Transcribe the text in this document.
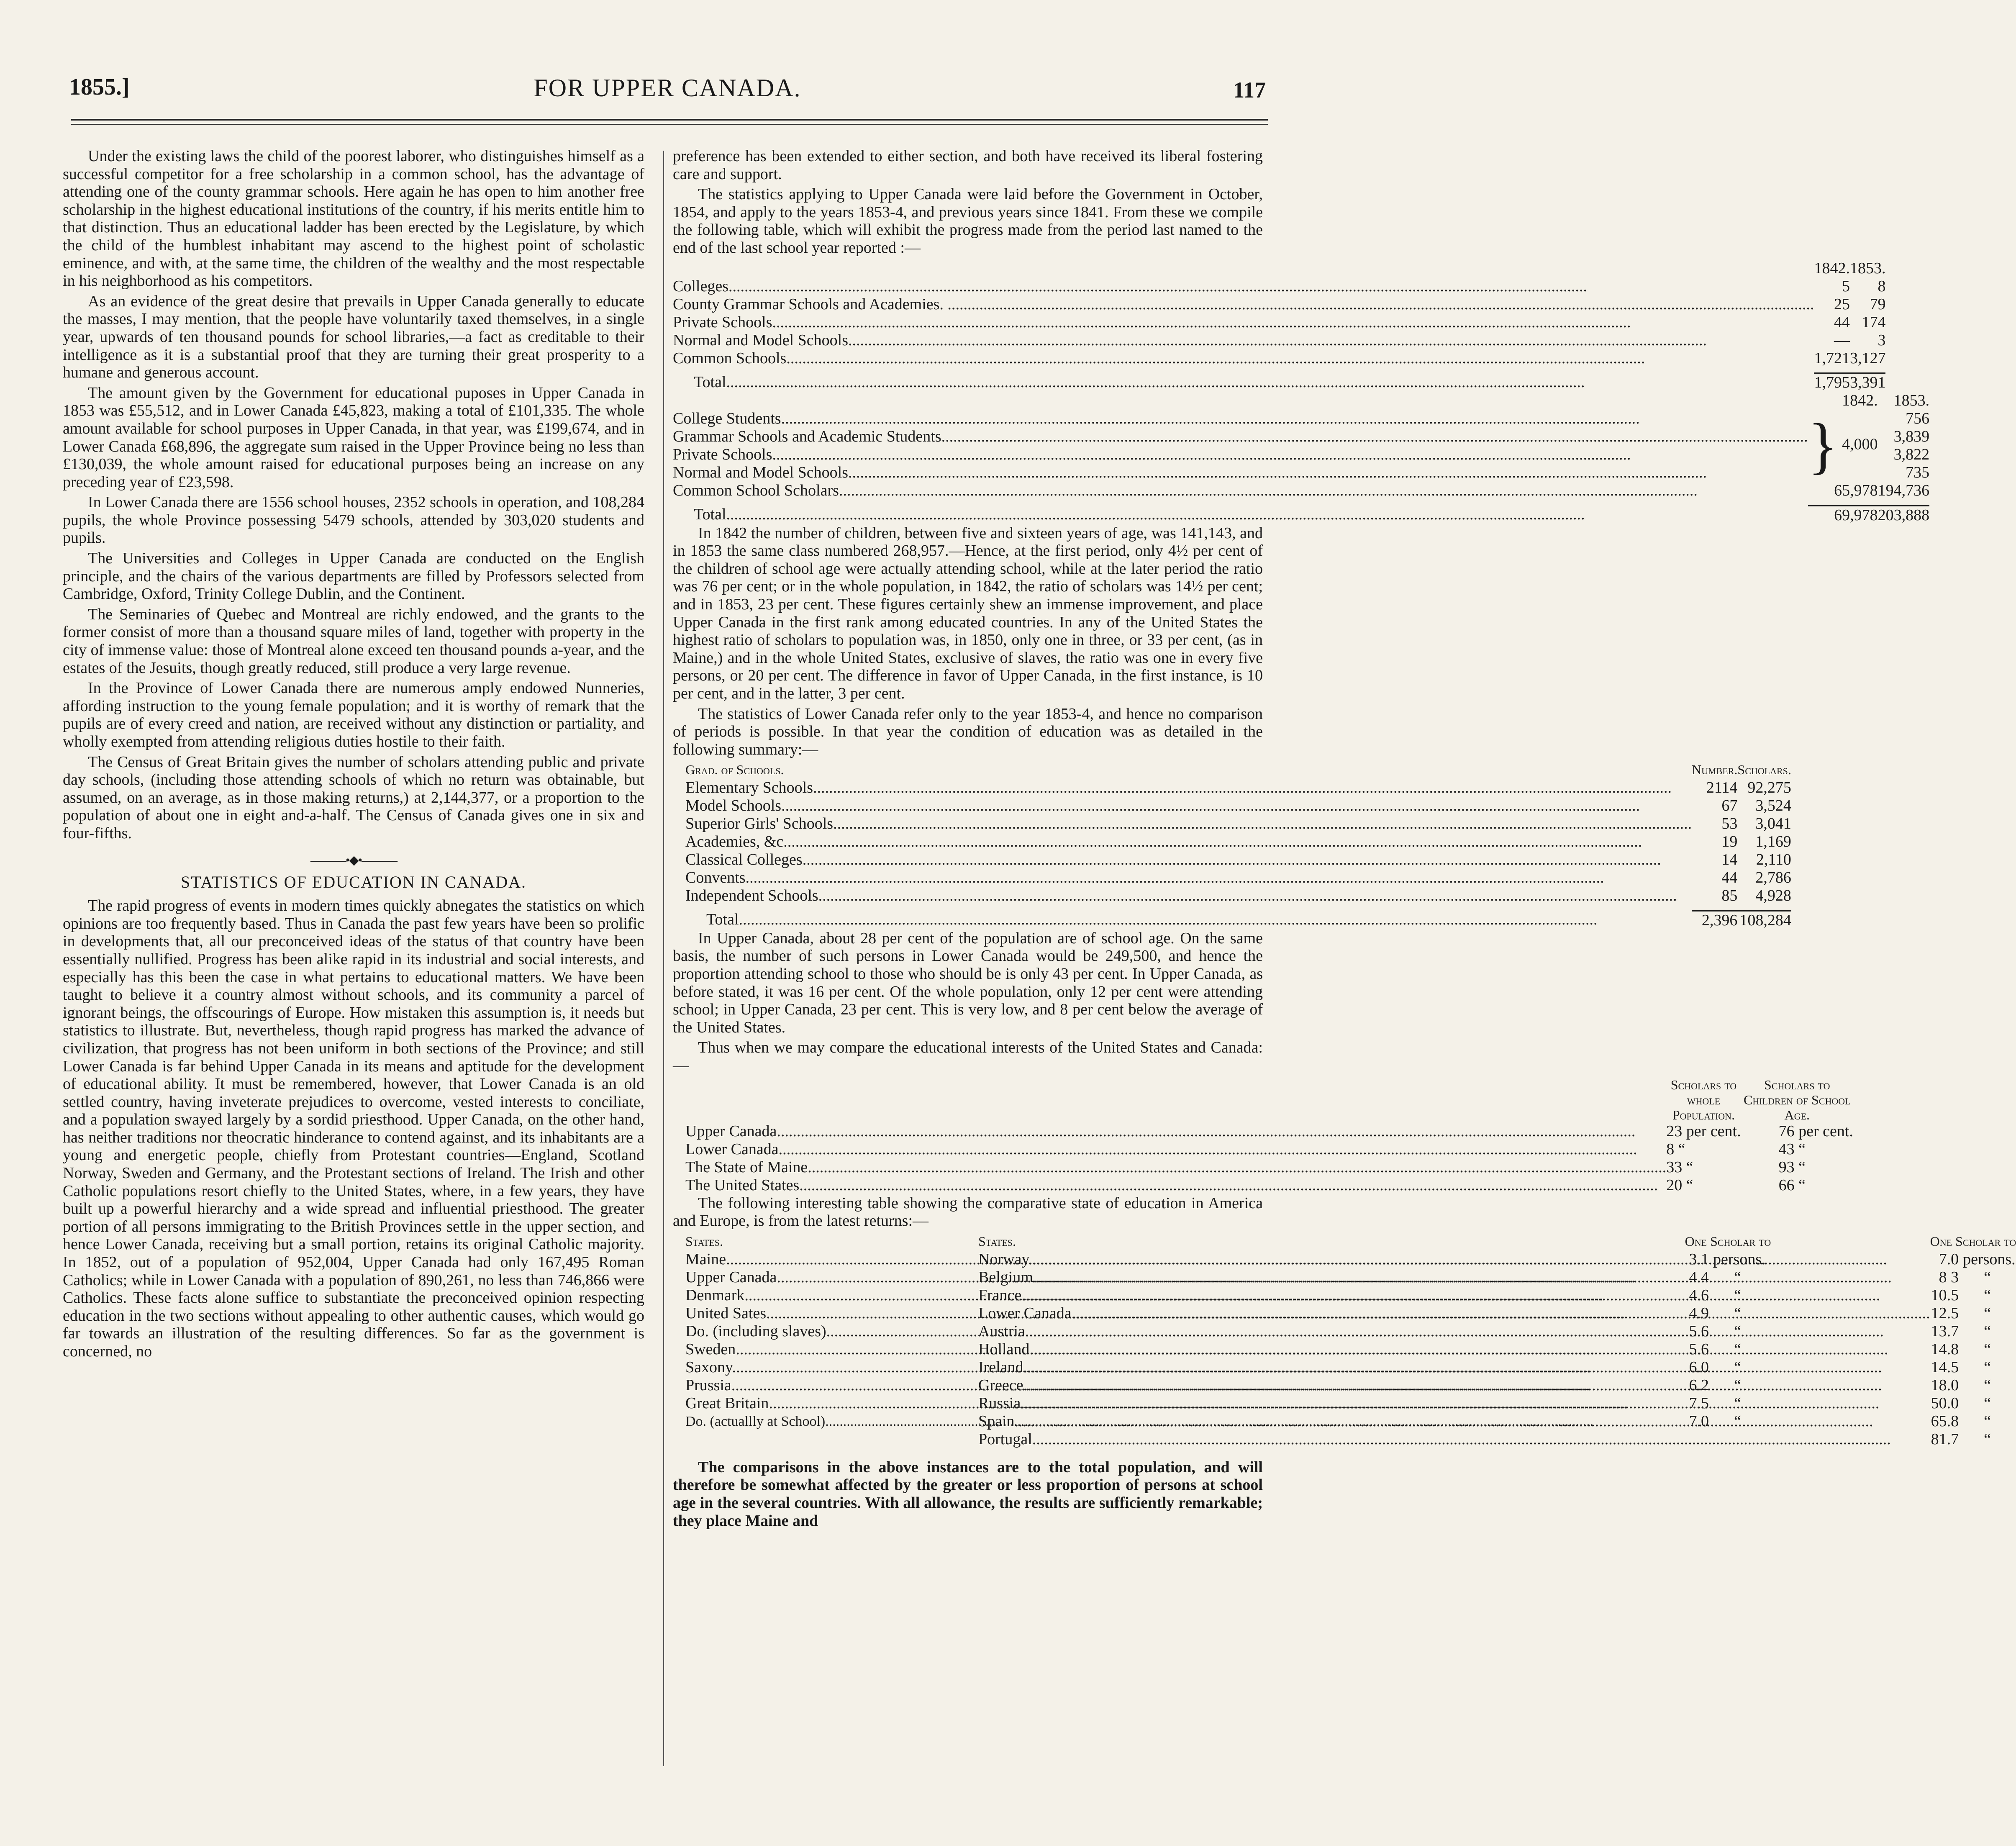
1855.]	FOR UPPER CANADA.	117

Under the existing laws the child of the poorest laborer, who distinguishes himself as a successful competitor for a free scholarship in a common school, has the advantage of attending one of the county grammar schools. Here again he has open to him another free scholarship in the highest educational institutions of the country, if his merits entitle him to that distinction. Thus an educational ladder has been erected by the Legislature, by which the child of the humblest inhabitant may ascend to the highest point of scholastic eminence, and with, at the same time, the children of the wealthy and the most respectable in his neighborhood as his competitors.

As an evidence of the great desire that prevails in Upper Canada generally to educate the masses, I may mention, that the people have voluntarily taxed themselves, in a single year, upwards of ten thousand pounds for school libraries,—a fact as creditable to their intelligence as it is a substantial proof that they are turning their great prosperity to a humane and generous account.

The amount given by the Government for educational puposes in Upper Canada in 1853 was £55,512, and in Lower Canada £45,823, making a total of £101,335. The whole amount available for school purposes in Upper Canada, in that year, was £199,674, and in Lower Canada £68,896, the aggregate sum raised in the Upper Province being no less than £130,039, the whole amount raised for educational purposes being an increase on any preceding year of £23,598.

In Lower Canada there are 1556 school houses, 2352 schools in operation, and 108,284 pupils, the whole Province possessing 5479 schools, attended by 303,020 students and pupils.

The Universities and Colleges in Upper Canada are conducted on the English principle, and the chairs of the various departments are filled by Professors selected from Cambridge, Oxford, Trinity College Dublin, and the Continent.

The Seminaries of Quebec and Montreal are richly endowed, and the grants to the former consist of more than a thousand square miles of land, together with property in the city of immense value: those of Montreal alone exceed ten thousand pounds a-year, and the estates of the Jesuits, though greatly reduced, still produce a very large revenue.

In the Province of Lower Canada there are numerous amply endowed Nunneries, affording instruction to the young female population; and it is worthy of remark that the pupils are of every creed and nation, are received without any distinction or partiality, and wholly exempted from attending religious duties hostile to their faith.

The Census of Great Britain gives the number of scholars attending public and private day schools, (including those attending schools of which no return was obtainable, but assumed, on an average, as in those making returns,) at 2,144,377, or a proportion to the population of about one in eight and-a-half. The Census of Canada gives one in six and four-fifths.

———•◆•———
STATISTICS OF EDUCATION IN CANADA.

The rapid progress of events in modern times quickly abnegates the statistics on which opinions are too frequently based. Thus in Canada the past few years have been so prolific in developments that, all our preconceived ideas of the status of that country have been essentially nullified. Progress has been alike rapid in its industrial and social interests, and especially has this been the case in what pertains to educational matters. We have been taught to believe it a country almost without schools, and its community a parcel of ignorant beings, the offscourings of Europe. How mistaken this assumption is, it needs but statistics to illustrate. But, nevertheless, though rapid progress has marked the advance of civilization, that progress has not been uniform in both sections of the Province; and still Lower Canada is far behind Upper Canada in its means and aptitude for the development of educational ability. It must be remembered, however, that Lower Canada is an old settled country, having inveterate prejudices to overcome, vested interests to conciliate, and a population swayed largely by a sordid priesthood. Upper Canada, on the other hand, has neither traditions nor theocratic hinderance to contend against, and its inhabitants are a young and energetic people, chiefly from Protestant countries—England, Scotland Norway, Sweden and Germany, and the Protestant sections of Ireland. The Irish and other Catholic populations resort chiefly to the United States, where, in a few years, they have built up a powerful hierarchy and a wide spread and influential priesthood. The greater portion of all persons immigrating to the British Provinces settle in the upper section, and hence Lower Canada, receiving but a small portion, retains its original Catholic majority. In 1852, out of a population of 952,004, Upper Canada had only 167,495 Roman Catholics; while in Lower Canada with a population of 890,261, no less than 746,866 were Catholics. These facts alone suffice to substantiate the preconceived opinion respecting education in the two sections without appealing to other authentic causes, which would go far towards an illustration of the resulting differences. So far as the government is concerned, no

preference has been extended to either section, and both have received its liberal fostering care and support.

The statistics applying to Upper Canada were laid before the Government in October, 1854, and apply to the years 1853-4, and previous years since 1841. From these we compile the following table, which will exhibit the progress made from the period last named to the end of the last school year reported :—

	1842.	1853.
Colleges .....	5	8
County Grammar Schools and Academies. .. .....	25	79
Private Schools .....	44	174
Normal and Model Schools .....	—	3
Common Schools .....	1,721	3,127

Total .....	1,795	3,391
	1842.	1853.
College Students .....	} 4,000	756
Grammar Schools and Academic Students.. .....		3,839
Private Schools .....		3,822
Normal and Model Schools .....		735
Common School Scholars .....	65,978	194,736

Total .....	69,978	203,888

In 1842 the number of children, between five and sixteen years of age, was 141,143, and in 1853 the same class numbered 268,957.—Hence, at the first period, only 4½ per cent of the children of school age were actually attending school, while at the later period the ratio was 76 per cent; or in the whole population, in 1842, the ratio of scholars was 14½ per cent; and in 1853, 23 per cent. These figures certainly shew an immense improvement, and place Upper Canada in the first rank among educated countries. In any of the United States the highest ratio of scholars to population was, in 1850, only one in three, or 33 per cent, (as in Maine,) and in the whole United States, exclusive of slaves, the ratio was one in every five persons, or 20 per cent. The difference in favor of Upper Canada, in the first instance, is 10 per cent, and in the latter, 3 per cent.

The statistics of Lower Canada refer only to the year 1853-4, and hence no comparison of periods is possible. In that year the condition of education was as detailed in the following summary:—

Grad. of Schools.	Number.	Scholars.
Elementary Schools .....	2114	92,275
Model Schools .....	67	3,524
Superior Girls' Schools .....	53	3,041
Academies, &c .....	19	1,169
Classical Colleges .....	14	2,110
Convents .....	44	2,786
Independent Schools .....	85	4,928

Total .....	2,396	108,284

In Upper Canada, about 28 per cent of the population are of school age. On the same basis, the number of such persons in Lower Canada would be 249,500, and hence the proportion attending school to those who should be is only 43 per cent. In Upper Canada, as before stated, it was 16 per cent. Of the whole population, only 12 per cent were attending school; in Upper Canada, 23 per cent. This is very low, and 8 per cent below the average of the United States.

Thus when we may compare the educational interests of the United States and Canada:—

	Scholars to whole Population.	Scholars to Children of School Age.
Upper Canada .....	23 per cent.	76 per cent.
Lower Canada .....	8 “	43 “
The State of Maine .....	33 “	93 “
The United States .....	20 “	66 “

The following interesting table showing the comparative state of education in America and Europe, is from the latest returns:—

States.	One Scholar to	
Maine .....	3.1	persons.
Upper Canada .....	4.4	“
Denmark .....	4.6	“
United Sates .....	4.9	“
Do. (including slaves) .....	5.6	“
Sweden .....	5.6	“
Saxony .....	6.0	“
Prussia .....	6.2	“
Great Britain .....	7.5	“
Do. (actuallly at School) .....	7.0	“
States.	One Scholar to	
Norway .....	7.0	persons.
Belgium .....	8 3	“
France .....	10.5	“
Lower Canada .....	12.5	“
Austria .....	13.7	“
Holland .....	14.8	“
Ireland .....	14.5	“
Greece .....	18.0	“
Russia .....	50.0	“
Spain .....	65.8	“
Portugal .....	81.7	“

The comparisons in the above instances are to the total population, and will therefore be somewhat affected by the greater or less proportion of persons at school age in the several countries. With all allowance, the results are sufficiently remarkable; they place Maine and
